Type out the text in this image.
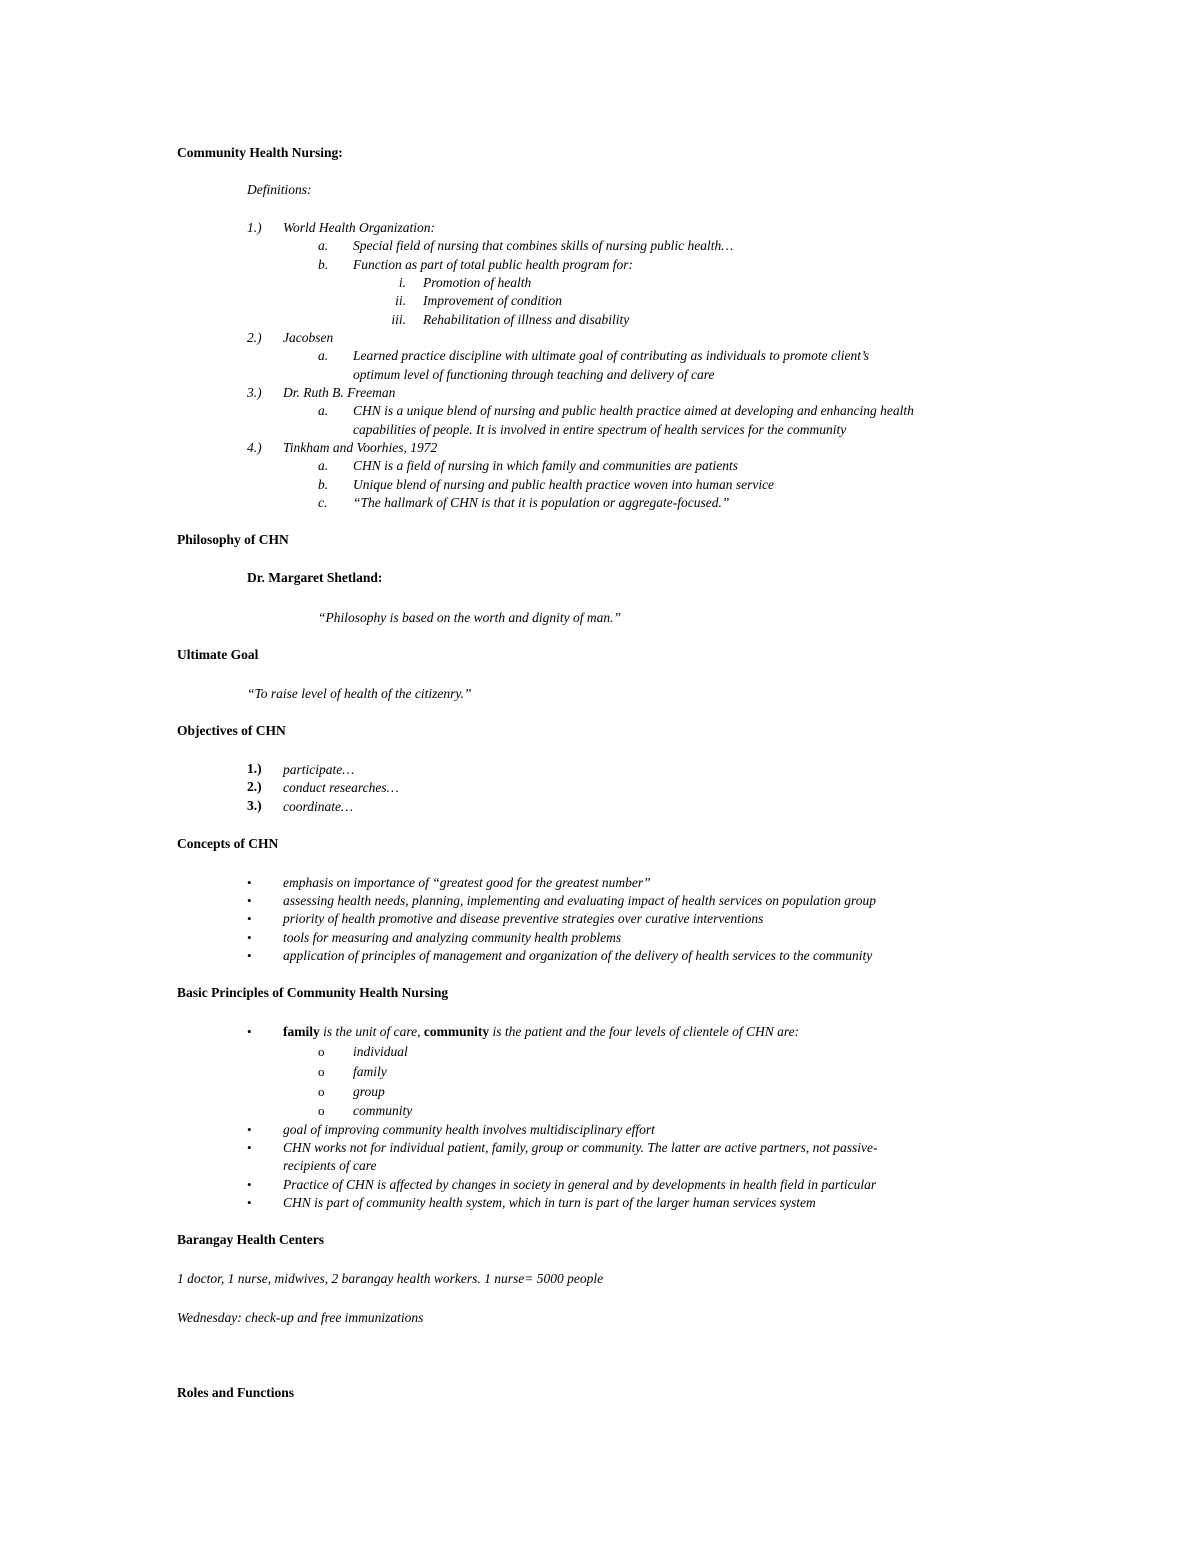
Community Health Nursing:
Definitions:
1.) World Health Organization:
a. Special field of nursing that combines skills of nursing public health…
b. Function as part of total public health program for:
i. Promotion of health
ii. Improvement of condition
iii. Rehabilitation of illness and disability
2.) Jacobsen
a. Learned practice discipline with ultimate goal of contributing as individuals to promote client’s
optimum level of functioning through teaching and delivery of care
3.) Dr. Ruth B. Freeman
a. CHN is a unique blend of nursing and public health practice aimed at developing and enhancing health
capabilities of people. It is involved in entire spectrum of health services for the community
4.) Tinkham and Voorhies, 1972
a. CHN is a field of nursing in which family and communities are patients
b. Unique blend of nursing and public health practice woven into human service
c. “The hallmark of CHN is that it is population or aggregate-focused.”
Philosophy of CHN
Dr. Margaret Shetland:
“Philosophy is based on the worth and dignity of man.”
Ultimate Goal
“To raise level of health of the citizenry.”
Objectives of CHN
1.) participate…
2.) conduct researches…
3.) coordinate…
Concepts of CHN
• emphasis on importance of “greatest good for the greatest number”
• assessing health needs, planning, implementing and evaluating impact of health services on population group
• priority of health promotive and disease preventive strategies over curative interventions
• tools for measuring and analyzing community health problems
• application of principles of management and organization of the delivery of health services to the community
Basic Principles of Community Health Nursing
• family is the unit of care, community is the patient and the four levels of clientele of CHN are:
o individual
o family
o group
o community
• goal of improving community health involves multidisciplinary effort
• CHN works not for individual patient, family, group or community. The latter are active partners, not passive-
recipients of care
• Practice of CHN is affected by changes in society in general and by developments in health field in particular
• CHN is part of community health system, which in turn is part of the larger human services system
Barangay Health Centers
1 doctor, 1 nurse, midwives, 2 barangay health workers. 1 nurse= 5000 people
Wednesday: check-up and free immunizations
Roles and Functions
